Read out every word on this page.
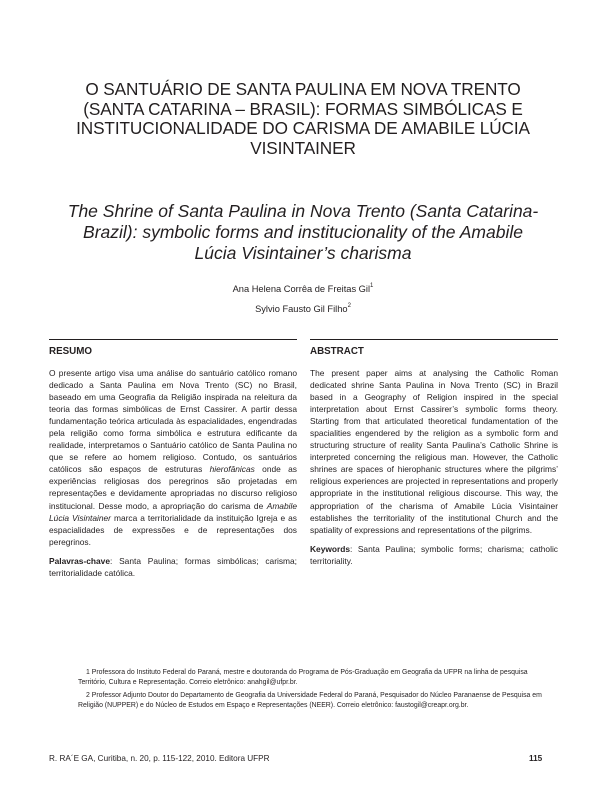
O SANTUÁRIO DE SANTA PAULINA EM NOVA TRENTO
(SANTA CATARINA – BRASIL): FORMAS SIMBÓLICAS E
INSTITUCIONALIDADE DO CARISMA DE AMABILE LÚCIA
VISINTAINER
The Shrine of Santa Paulina in Nova Trento (Santa Catarina-
Brazil): symbolic forms and institucionality of the Amabile
Lúcia Visintainer’s charisma
Ana Helena Corrêa de Freitas Gil$^1$
Sylvio Fausto Gil Filho$^2$
RESUMO	ABSTRACT

O presente artigo visa uma análise do santuário católico romano dedicado a Santa Paulina em Nova Trento (SC) no Brasil, baseado em uma Geografia da Religião inspirada na releitura da teoria das formas simbólicas de Ernst Cassirer. A partir dessa fundamentação teórica articulada às espacialidades, engendradas pela religião como forma simbólica e estrutura edificante da realidade, interpretamos o Santuário católico de Santa Paulina no que se refere ao homem religioso. Contudo, os santuários católicos são espaços de estruturas hierofânicas onde as experiências religiosas dos peregrinos são projetadas em representações e devidamente apropriadas no discurso religioso institucional. Desse modo, a apropriação do carisma de Amabile Lúcia Visintainer marca a territorialidade da instituição Igreja e as espacialidades de expressões e de representações dos peregrinos.

Palavras-chave: Santa Paulina; formas simbólicas; carisma; territorialidade católica.

The present paper aims at analysing the Catholic Roman dedicated shrine Santa Paulina in Nova Trento (SC) in Brazil based in a Geography of Religion inspired in the special interpretation about Ernst Cassirer’s symbolic forms theory. Starting from that articulated theoretical fundamentation of the spacialities engendered by the religion as a symbolic form and structuring structure of reality Santa Paulina’s Catholic Shrine is interpreted concerning the religious man. However, the Catholic shrines are spaces of hierophanic structures where the pilgrims’ religious experiences are projected in representations and properly appropriate in the institutional religious discourse. This way, the appropriation of the charisma of Amabile Lúcia Visintainer establishes the territoriality of the institutional Church and the spatiality of expressions and representations of the pilgrims.

Keywords: Santa Paulina; symbolic forms; charisma; catholic territoriality.

1 Professora do Instituto Federal do Paraná, mestre e doutoranda do Programa de Pós-Graduação em Geografia da UFPR na linha de pesquisa Território, Cultura e Representação. Correio eletrônico: anahgil@ufpr.br.

2 Professor Adjunto Doutor do Departamento de Geografia da Universidade Federal do Paraná, Pesquisador do Núcleo Paranaense de Pesquisa em Religião (NUPPER) e do Núcleo de Estudos em Espaço e Representações (NEER). Correio eletrônico: faustogil@creapr.org.br.

R. RA´E GA, Curitiba, n. 20, p. 115-122, 2010. Editora UFPR	115
